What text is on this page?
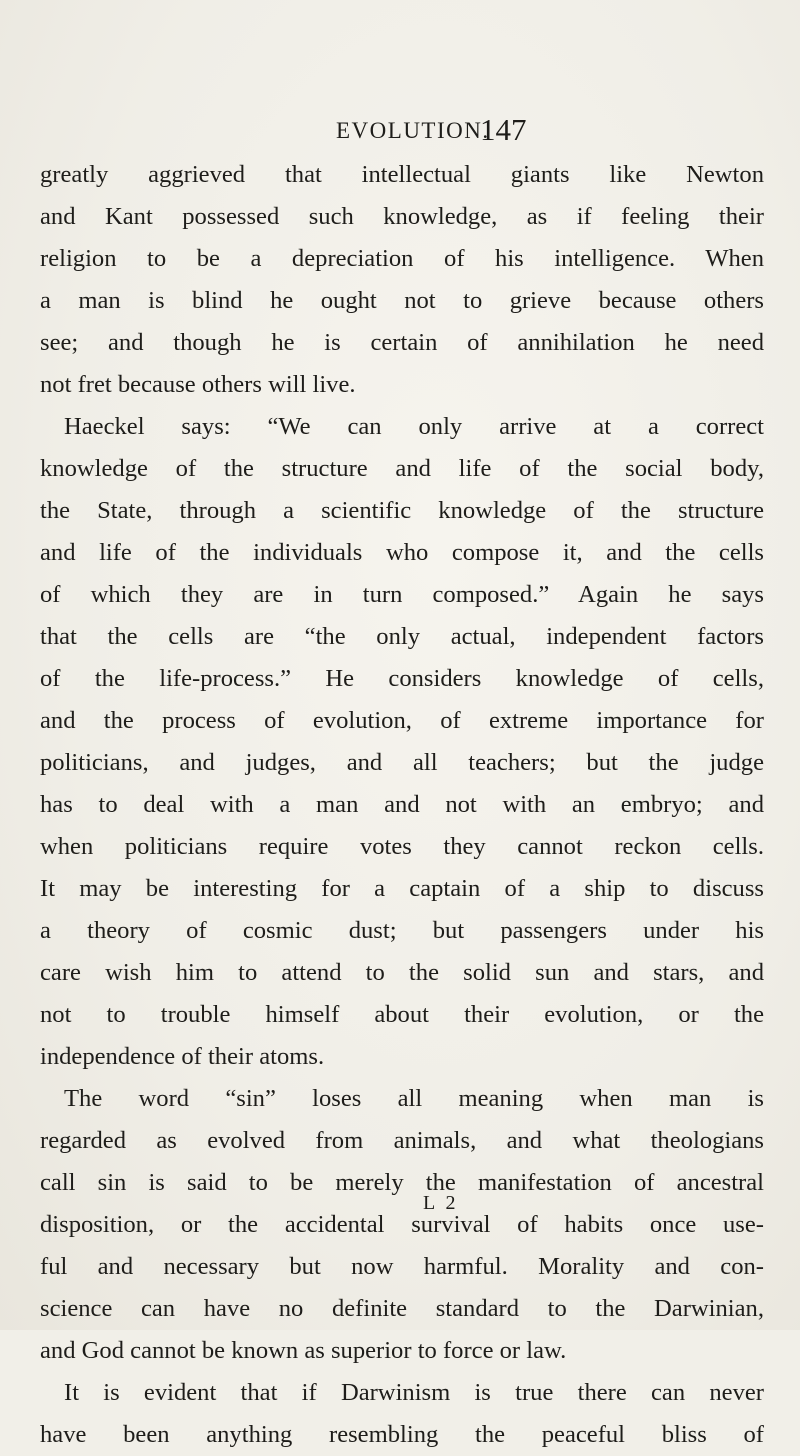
EVOLUTION.
147
greatly aggrieved that intellectual giants like Newton
and Kant possessed such knowledge, as if feeling their
religion to be a depreciation of his intelligence. When
a man is blind he ought not to grieve because others
see; and though he is certain of annihilation he need
not fret because others will live.
Haeckel says: “We can only arrive at a correct
knowledge of the structure and life of the social body,
the State, through a scientific knowledge of the structure
and life of the individuals who compose it, and the cells
of which they are in turn composed.” Again he says
that the cells are “the only actual, independent factors
of the life-process.” He considers knowledge of cells,
and the process of evolution, of extreme importance for
politicians, and judges, and all teachers; but the judge
has to deal with a man and not with an embryo; and
when politicians require votes they cannot reckon cells.
It may be interesting for a captain of a ship to discuss
a theory of cosmic dust; but passengers under his
care wish him to attend to the solid sun and stars, and
not to trouble himself about their evolution, or the
independence of their atoms.
The word “sin” loses all meaning when man is
regarded as evolved from animals, and what theologians
call sin is said to be merely the manifestation of ancestral
disposition, or the accidental survival of habits once use-
ful and necessary but now harmful. Morality and con-
science can have no definite standard to the Darwinian,
and God cannot be known as superior to force or law.
It is evident that if Darwinism is true there can never
have been anything resembling the peaceful bliss of
L 2
